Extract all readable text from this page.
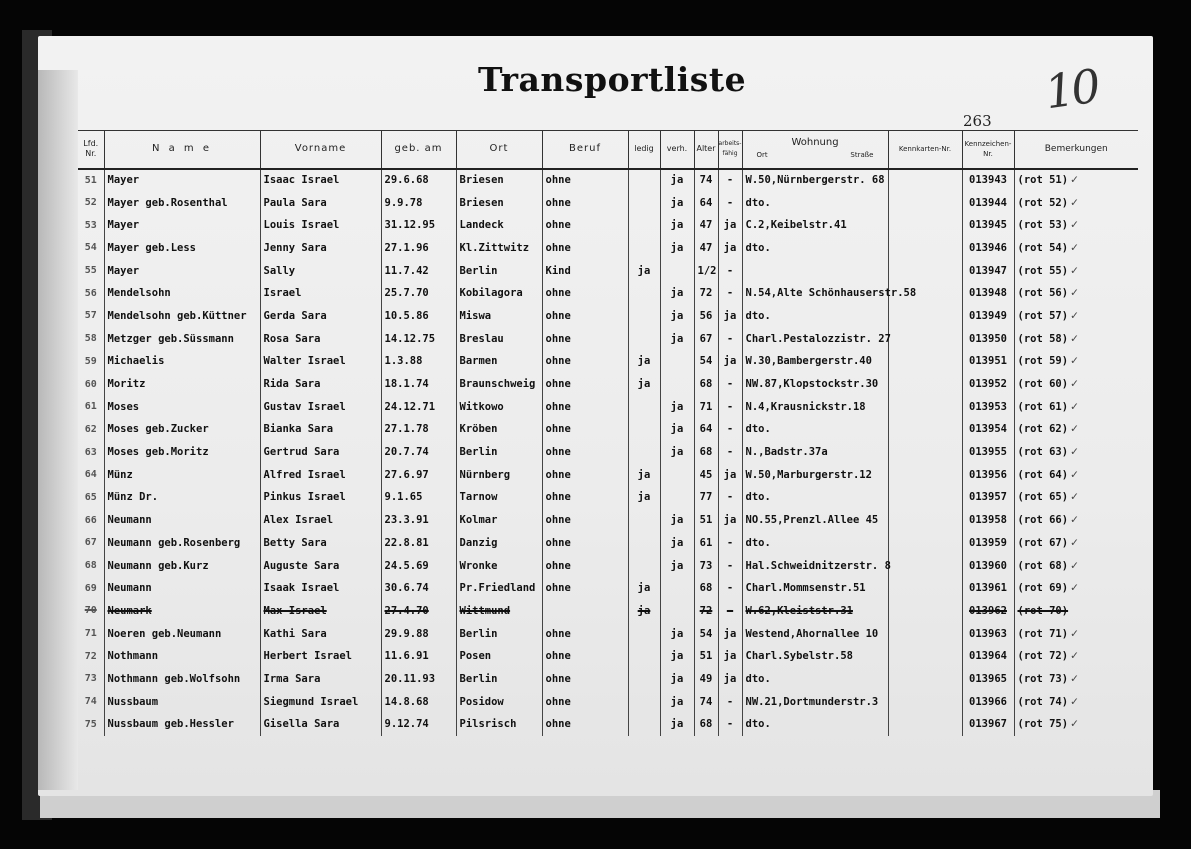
Transportliste
263
10
Lfd. Nr.	N a m e	Vorname	geb. am	Ort	Beruf	ledig	verh.	Alter	arbeits-fähig	Wohnung
Ort Straße	Kennkarten-Nr.	Kennzeichen-Nr.	Bemerkungen
51	Mayer	Isaac Israel	29.6.68	Briesen	ohne		ja	74	-	W.50,Nürnbergerstr. 68		013943	(rot 51) ✓
52	Mayer geb.Rosenthal	Paula Sara	9.9.78	Briesen	ohne		ja	64	-	dto.		013944	(rot 52) ✓
53	Mayer	Louis Israel	31.12.95	Landeck	ohne		ja	47	ja	C.2,Keibelstr.41		013945	(rot 53) ✓
54	Mayer geb.Less	Jenny Sara	27.1.96	Kl.Zittwitz	ohne		ja	47	ja	dto.		013946	(rot 54) ✓
55	Mayer	Sally	11.7.42	Berlin	Kind	ja		1/2	-			013947	(rot 55) ✓
56	Mendelsohn	Israel	25.7.70	Kobilagora	ohne		ja	72	-	N.54,Alte Schönhauserstr.58		013948	(rot 56) ✓
57	Mendelsohn geb.Küttner	Gerda Sara	10.5.86	Miswa	ohne		ja	56	ja	dto.		013949	(rot 57) ✓
58	Metzger geb.Süssmann	Rosa Sara	14.12.75	Breslau	ohne		ja	67	-	Charl.Pestalozzistr. 27		013950	(rot 58) ✓
59	Michaelis	Walter Israel	1.3.88	Barmen	ohne	ja		54	ja	W.30,Bambergerstr.40		013951	(rot 59) ✓
60	Moritz	Rida Sara	18.1.74	Braunschweig	ohne	ja		68	-	NW.87,Klopstockstr.30		013952	(rot 60) ✓
61	Moses	Gustav Israel	24.12.71	Witkowo	ohne		ja	71	-	N.4,Krausnickstr.18		013953	(rot 61) ✓
62	Moses geb.Zucker	Bianka Sara	27.1.78	Kröben	ohne		ja	64	-	dto.		013954	(rot 62) ✓
63	Moses geb.Moritz	Gertrud Sara	20.7.74	Berlin	ohne		ja	68	-	N.,Badstr.37a		013955	(rot 63) ✓
64	Münz	Alfred Israel	27.6.97	Nürnberg	ohne	ja		45	ja	W.50,Marburgerstr.12		013956	(rot 64) ✓
65	Münz Dr.	Pinkus Israel	9.1.65	Tarnow	ohne	ja		77	-	dto.		013957	(rot 65) ✓
66	Neumann	Alex Israel	23.3.91	Kolmar	ohne		ja	51	ja	NO.55,Prenzl.Allee 45		013958	(rot 66) ✓
67	Neumann geb.Rosenberg	Betty Sara	22.8.81	Danzig	ohne		ja	61	-	dto.		013959	(rot 67) ✓
68	Neumann geb.Kurz	Auguste Sara	24.5.69	Wronke	ohne		ja	73	-	Hal.Schweidnitzerstr. 8		013960	(rot 68) ✓
69	Neumann	Isaak Israel	30.6.74	Pr.Friedland	ohne	ja		68	-	Charl.Mommsenstr.51		013961	(rot 69) ✓
70	Neumark	Max Israel	27.4.70	Wittmund		ja		72	-	W.62,Kleiststr.31		013962	(rot 70)
71	Noeren geb.Neumann	Kathi Sara	29.9.88	Berlin	ohne		ja	54	ja	Westend,Ahornallee 10		013963	(rot 71) ✓
72	Nothmann	Herbert Israel	11.6.91	Posen	ohne		ja	51	ja	Charl.Sybelstr.58		013964	(rot 72) ✓
73	Nothmann geb.Wolfsohn	Irma Sara	20.11.93	Berlin	ohne		ja	49	ja	dto.		013965	(rot 73) ✓
74	Nussbaum	Siegmund Israel	14.8.68	Posidow	ohne		ja	74	-	NW.21,Dortmunderstr.3		013966	(rot 74) ✓
75	Nussbaum geb.Hessler	Gisella Sara	9.12.74	Pilsrisch	ohne		ja	68	-	dto.		013967	(rot 75) ✓
